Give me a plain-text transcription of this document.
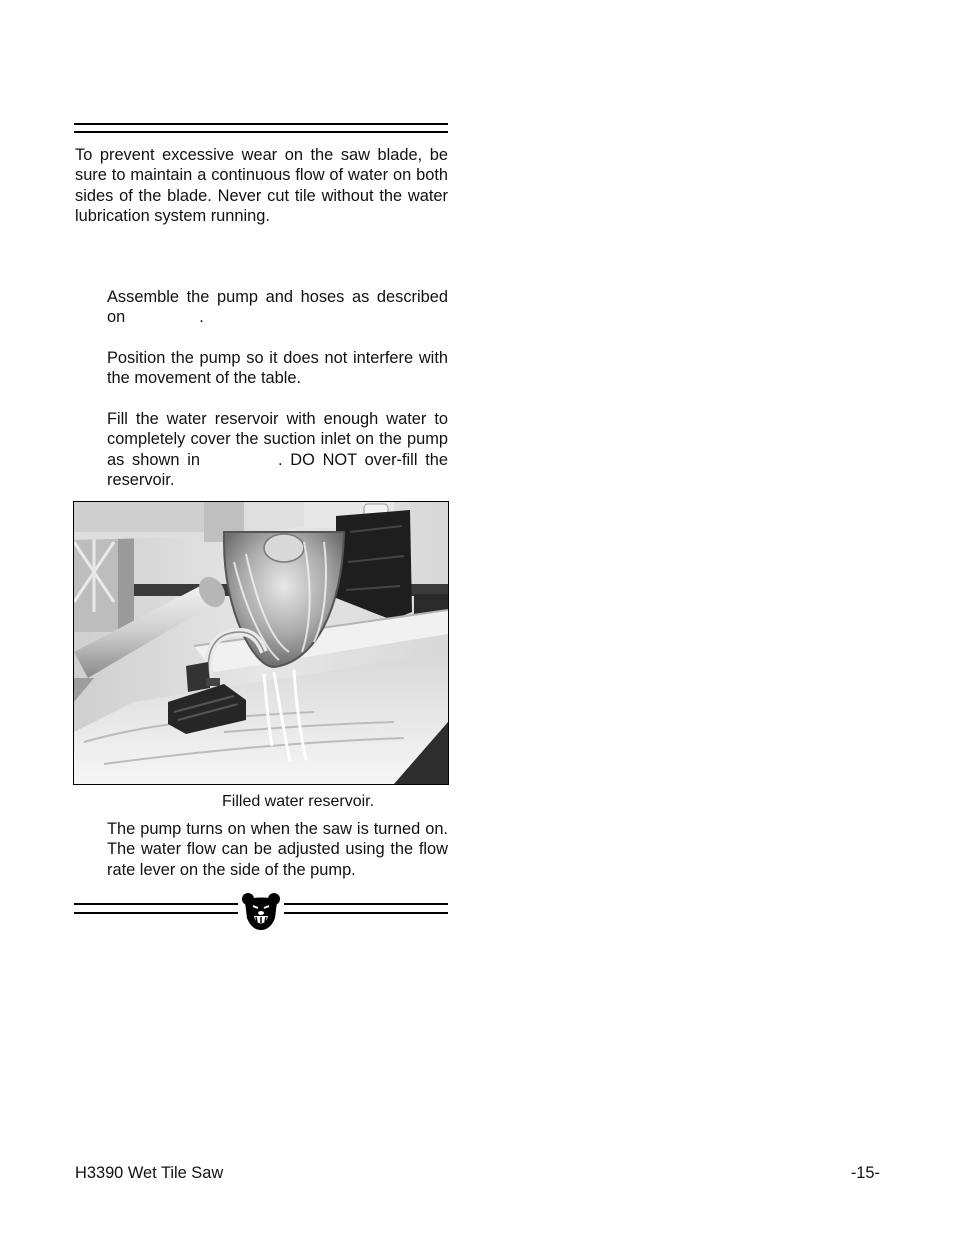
To prevent excessive wear on the saw blade, be sure to maintain a continuous flow of water on both sides of the blade. Never cut tile without the water lubrication system running.

Assemble the pump and hoses as described on	.

Position the pump so it does not interfere with the movement of the table.

Fill the water reservoir with enough water to completely cover the suction inlet on the pump as shown in	. DO NOT over-fill the reservoir.

Filled water reservoir.

The pump turns on when the saw is turned on. The water flow can be adjusted using the flow rate lever on the side of the pump.

H3390 Wet Tile Saw	-15-
